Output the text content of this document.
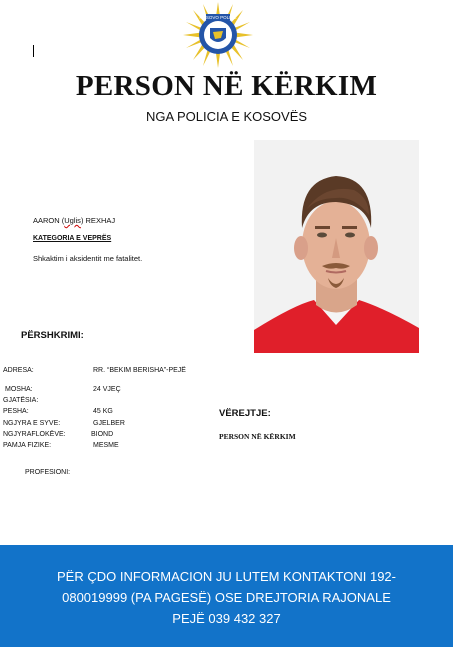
KOSOVO POLICE
PERSON NË KËRKIM
NGA POLICIA E KOSOVËS
AARON (Uglis) REXHAJ
KATEGORIA E VEPRËS
Shkaktim i aksidentit me fatalitet.
PËRSHKRIMI:
ADRESA:	RR. “BEKIM BERISHA”-PEJË
MOSHA:	24 VJEÇ
GJATËSIA:
PESHA:	45 KG
NGJYRA E SYVE:	GJELBER
NGJYRAFLOKËVE:	BIOND
PAMJA FIZIKE:	MESME
PROFESIONI:
VËREJTJE:
PERSON NË KËRKIM
PËR ÇDO INFORMACION JU LUTEM KONTAKTONI 192-
080019999 (PA PAGESË) OSE DREJTORIA RAJONALE
PEJË 039 432 327
